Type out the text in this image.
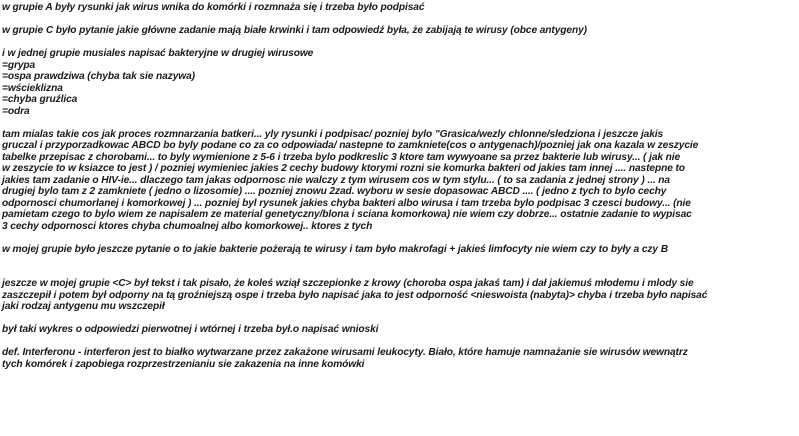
w grupie A były rysunki jak wirus wnika do komórki i rozmnaża się i trzeba było podpisać
w grupie C było pytanie jakie główne zadanie mają białe krwinki i tam odpowiedź była, że zabijają te wirusy (obce antygeny)
i w jednej grupie musiales napisać bakteryjne w drugiej wirusowe
=grypa
=ospa prawdziwa (chyba tak sie nazywa)
=wścieklizna
=chyba gruźlica
=odra
tam mialas takie cos jak proces rozmnarzania batkeri... yly rysunki i podpisac/ pozniej bylo "Grasica/wezly chlonne/sledziona i jeszcze jakis
gruczal i przyporzadkowac ABCD bo byly podane co za co odpowiada/ nastepne to zamkniete(cos o antygenach)/pozniej jak ona kazala w zeszycie
tabelke przepisac z chorobami... to byly wymienione z 5-6 i trzeba bylo podkreslic 3 ktore tam wywyoane sa przez bakterie lub wirusy... ( jak nie
w zeszycie to w ksiazce to jest ) / pozniej wymieniec jakies 2 cechy budowy ktorymi rozni sie komurka bakteri od jakies tam innej .... nastepne to
jakies tam zadanie o HIV-ie... dlaczego tam jakas odpornosc nie walczy z tym wirusem cos w tym stylu... ( to sa zadania z jednej strony ) ... na
drugiej bylo tam z 2 zamkniete ( jedno o lizosomie) .... pozniej znowu 2zad. wyboru w sesie dopasowac ABCD .... ( jedno z tych to bylo cechy
odpornosci chumorlanej i komorkowej ) ... pozniej byl rysunek jakies chyba bakteri albo wirusa i tam trzeba bylo podpisac 3 czesci budowy... (nie
pamietam czego to bylo wiem ze napisalem ze material genetyczny/blona i sciana komorkowa) nie wiem czy dobrze... ostatnie zadanie to wypisac
3 cechy odpornosci ktores chyba chumoalnej albo komorkowej.. ktores z tych
w mojej grupie było jeszcze pytanie o to jakie bakterie pożerają te wirusy i tam było makrofagi + jakieś limfocyty nie wiem czy to były a czy B
jeszcze w mojej grupie <C> był tekst i tak pisało, że koleś wziął szczepionke z krowy (choroba ospa jakaś tam) i dał jakiemuś młodemu i mlody sie
zaszczepił i potem był odporny na tą groźniejszą ospe i trzeba było napisać jaka to jest odporność <nieswoista (nabyta)> chyba i trzeba było napisać
jaki rodzaj antygenu mu wszczepił
był taki wykres o odpowiedzi pierwotnej i wtórnej i trzeba był.o napisać wnioski
def. Interferonu - interferon jest to białko wytwarzane przez zakażone wirusami leukocyty. Biało, które hamuje namnażanie sie wirusów wewnątrz
tych komórek i zapobiega rozprzestrzenianiu sie zakazenia na inne komówki
